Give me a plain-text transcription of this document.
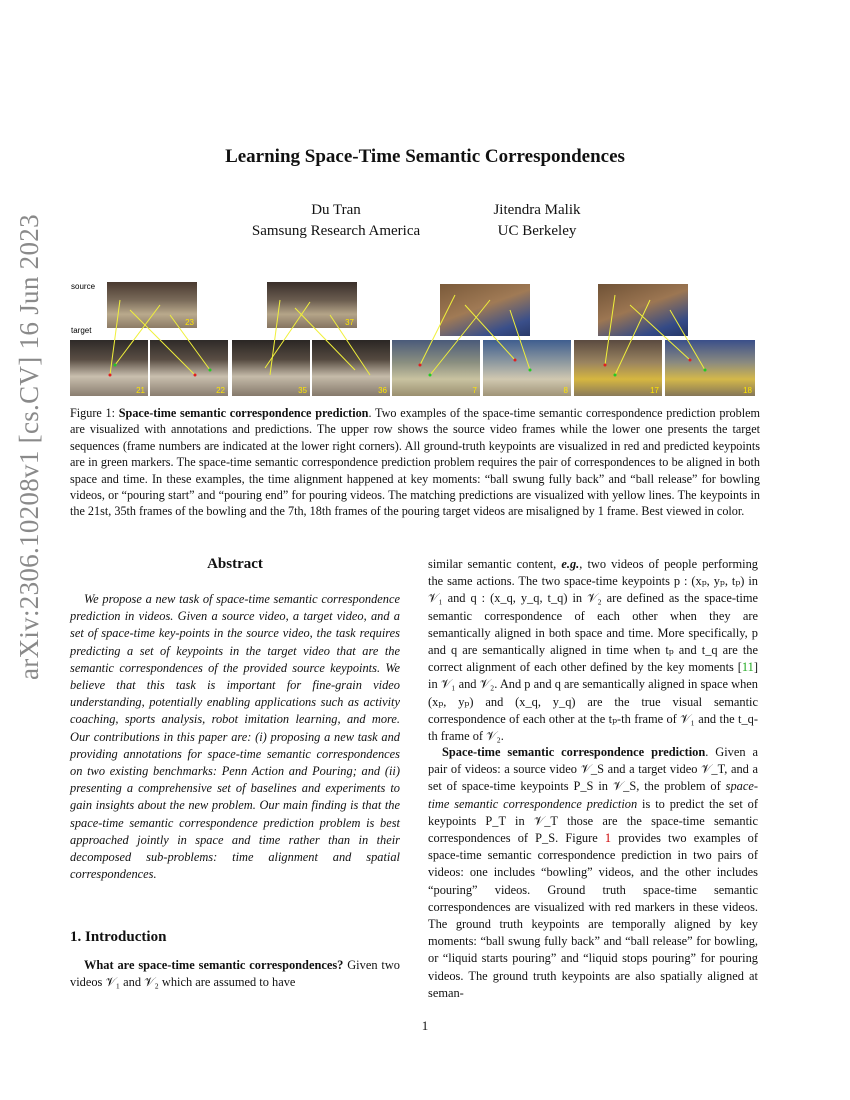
arXiv:2306.10208v1 [cs.CV] 16 Jun 2023
Learning Space-Time Semantic Correspondences
Du Tran
Samsung Research America
Jitendra Malik
UC Berkeley
source
target
23	37
21	22	35	36	7	8	17	18
Figure 1: Space-time semantic correspondence prediction. Two examples of the space-time semantic correspondence prediction problem are visualized with annotations and predictions. The upper row shows the source video frames while the lower one presents the target sequences (frame numbers are indicated at the lower right corners). All ground-truth keypoints are visualized in red and predicted keypoints are in green markers. The space-time semantic correspondence prediction problem requires the pair of correspondences to be aligned in both space and time. In these examples, the time alignment happened at key moments: “ball swung fully back” and “ball release” for bowling videos, or “pouring start” and “pouring end” for pouring videos. The matching predictions are visualized with yellow lines. The keypoints in the 21st, 35th frames of the bowling and the 7th, 18th frames of the pouring target videos are misaligned by 1 frame. Best viewed in color.
Abstract
We propose a new task of space-time semantic correspondence prediction in videos. Given a source video, a target video, and a set of space-time key-points in the source video, the task requires predicting a set of keypoints in the target video that are the semantic correspondences of the provided source keypoints. We believe that this task is important for fine-grain video understanding, potentially enabling applications such as activity coaching, sports analysis, robot imitation learning, and more. Our contributions in this paper are: (i) proposing a new task and providing annotations for space-time semantic correspondences on two existing benchmarks: Penn Action and Pouring; and (ii) presenting a comprehensive set of baselines and experiments to gain insights about the new problem. Our main finding is that the space-time semantic correspondence prediction problem is best approached jointly in space and time rather than in their decomposed sub-problems: time alignment and spatial correspondences.
1. Introduction
What are space-time semantic correspondences? Given two videos 𝒱₁ and 𝒱₂ which are assumed to have
similar semantic content, e.g., two videos of people performing the same actions. The two space-time keypoints p : (xₚ, yₚ, tₚ) in 𝒱₁ and q : (x_q, y_q, t_q) in 𝒱₂ are defined as the space-time semantic correspondence of each other when they are semantically aligned in both space and time. More specifically, p and q are semantically aligned in time when tₚ and t_q are the correct alignment of each other defined by the key moments [11] in 𝒱₁ and 𝒱₂. And p and q are semantically aligned in space when (xₚ, yₚ) and (x_q, y_q) are the true visual semantic correspondence of each other at the tₚ-th frame of 𝒱₁ and the t_q-th frame of 𝒱₂.
Space-time semantic correspondence prediction. Given a pair of videos: a source video 𝒱_S and a target video 𝒱_T, and a set of space-time keypoints P_S in 𝒱_S, the problem of space-time semantic correspondence prediction is to predict the set of keypoints P_T in 𝒱_T those are the space-time semantic correspondences of P_S. Figure 1 provides two examples of space-time semantic correspondence prediction in two pairs of videos: one includes “bowling” videos, and the other includes “pouring” videos. Ground truth space-time semantic correspondences are visualized with red markers in these videos. The ground truth keypoints are temporally aligned by key moments: “ball swung fully back” and “ball release” for bowling, or “liquid starts pouring” and “liquid stops pouring” for pouring videos. The ground truth keypoints are also spatially aligned at seman-
1
